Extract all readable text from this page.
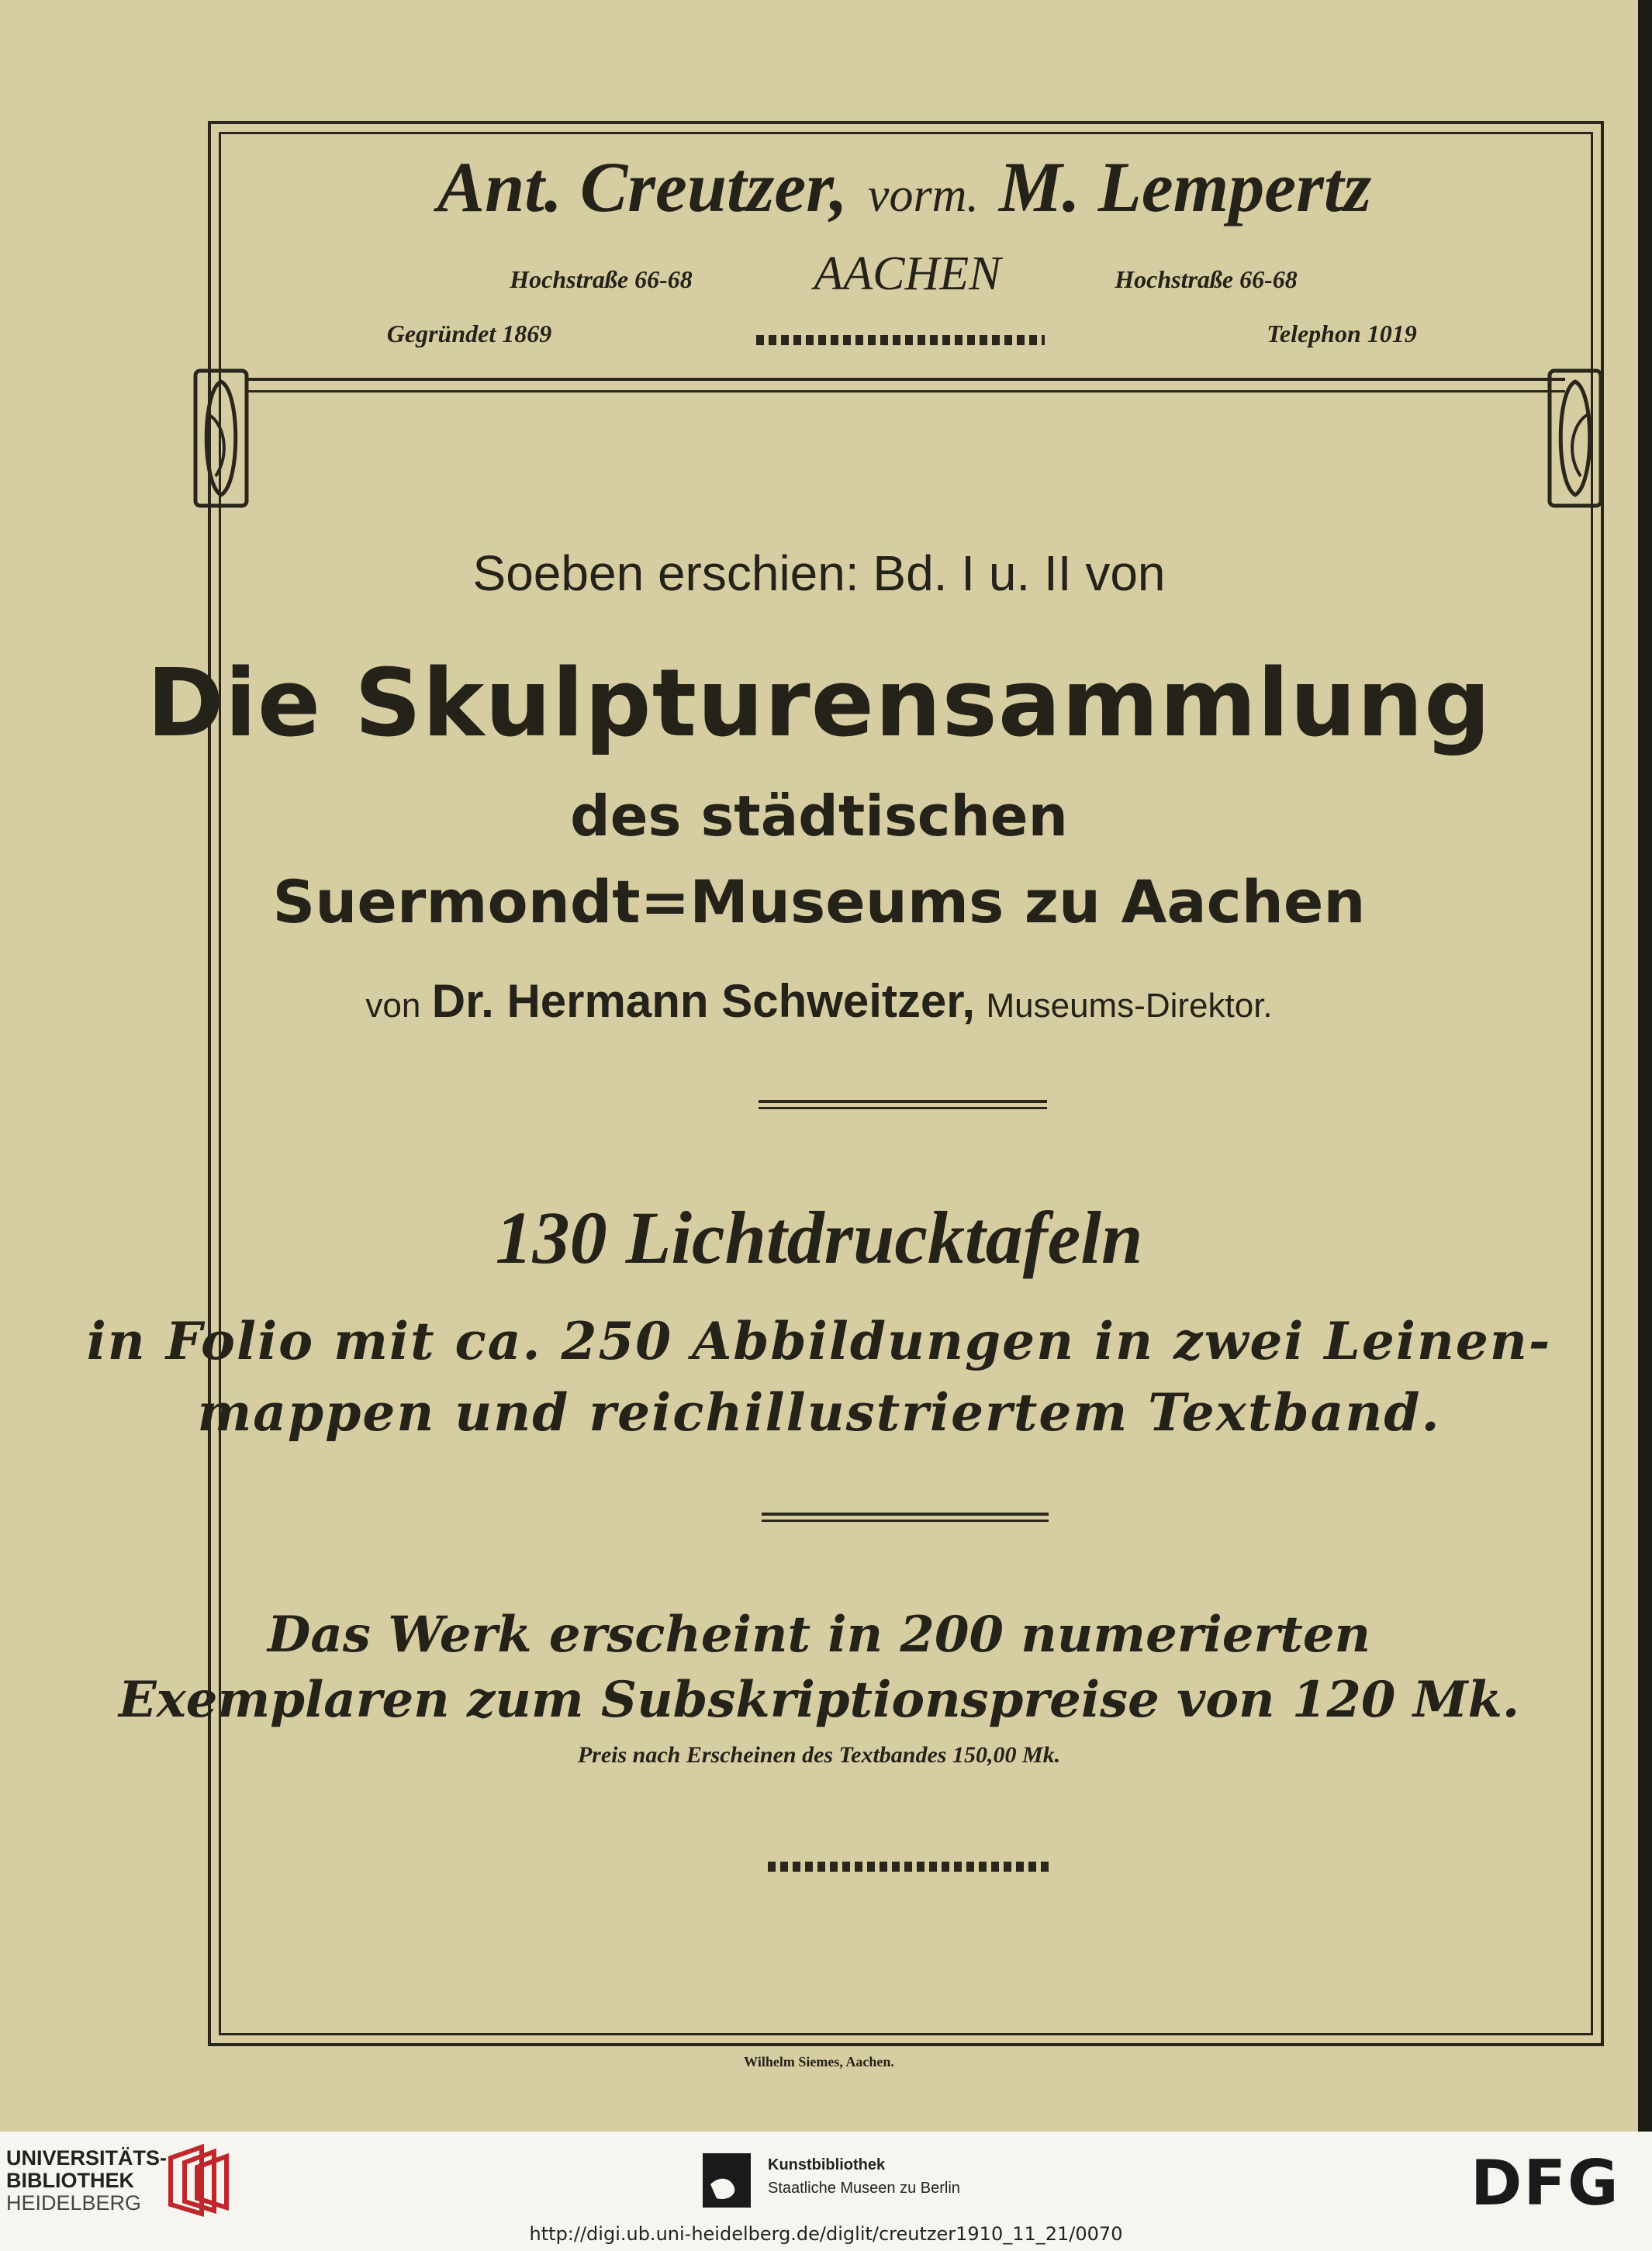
Ant. Creutzer, vorm. M. Lempertz
Hochstraße 66-68	AACHEN	Hochstraße 66-68
Gegründet 1869	Telephon 1019
Soeben erschien: Bd. I u. II von
Die Skulpturensammlung
des städtischen
Suermondt=Museums zu Aachen
von Dr. Hermann Schweitzer, Museums-Direktor.
130 Lichtdrucktafeln
in Folio mit ca. 250 Abbildungen in zwei Leinen-
mappen und reichillustriertem Textband.
Das Werk erscheint in 200 numerierten
Exemplaren zum Subskriptionspreise von 120 Mk.
Preis nach Erscheinen des Textbandes 150,00 Mk.
Wilhelm Siemes, Aachen.
UNIVERSITÄTS-
BIBLIOTHEK
HEIDELBERG
Kunstbibliothek
Staatliche Museen zu Berlin	DFG
http://digi.ub.uni-heidelberg.de/diglit/creutzer1910_11_21/0070
